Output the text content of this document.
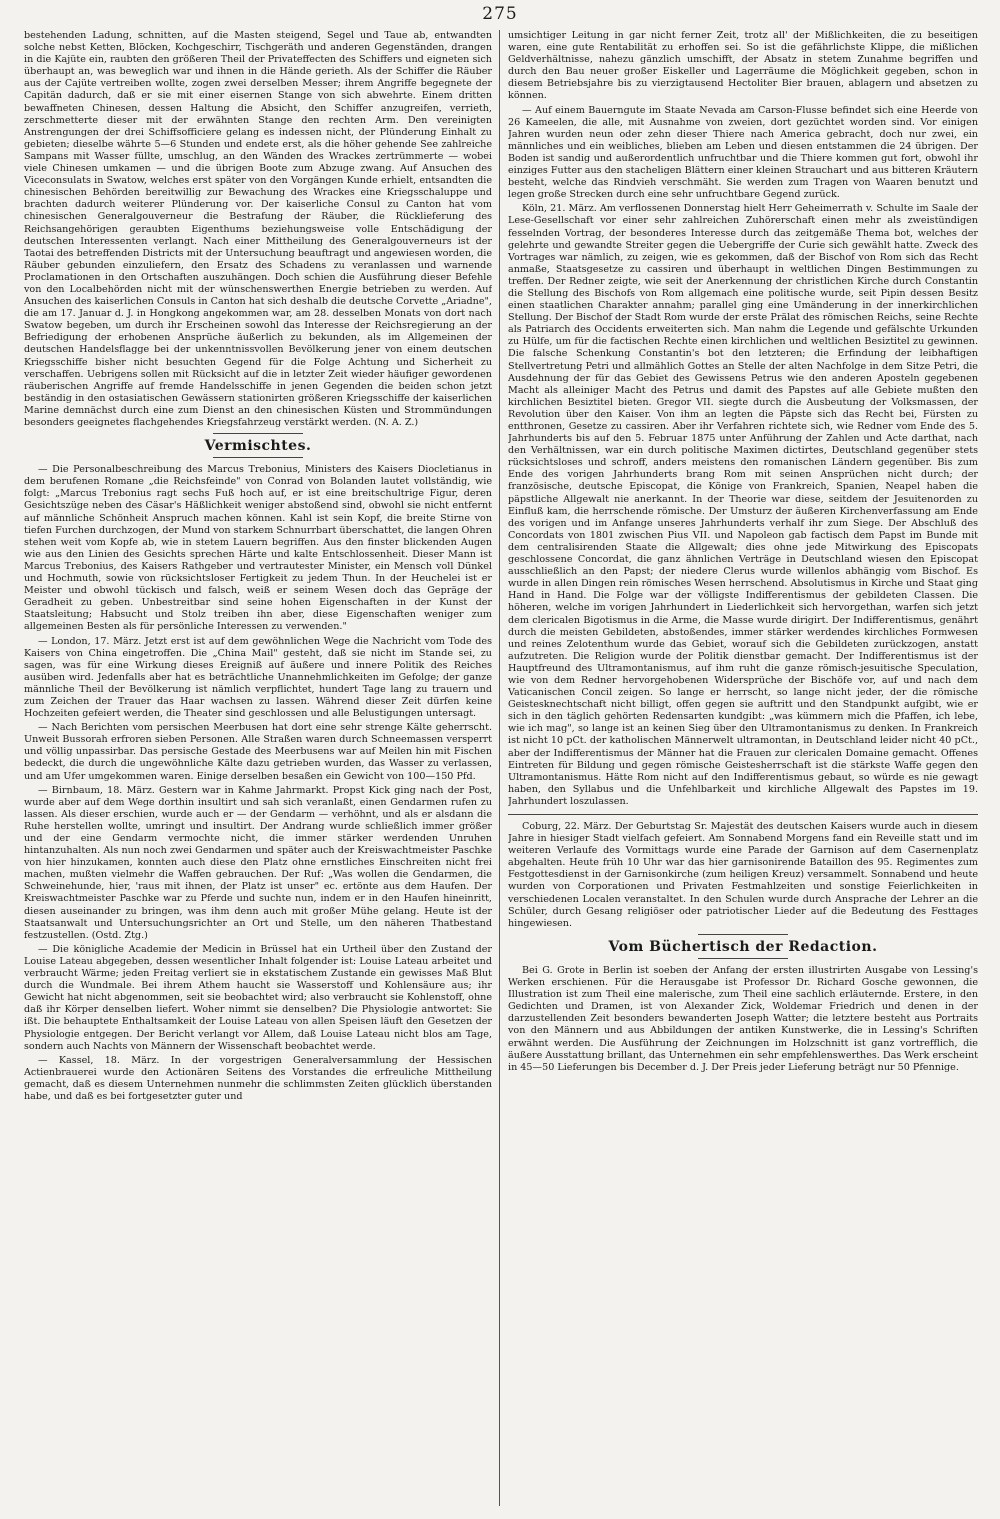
275

bestehenden Ladung, schnitten, auf die Masten steigend, Segel und Taue ab, entwandten solche nebst Ketten, Blöcken, Kochgeschirr, Tischgeräth und anderen Gegenständen, drangen in die Kajüte ein, raubten den größeren Theil der Privateffecten des Schiffers und eigneten sich überhaupt an, was beweglich war und ihnen in die Hände gerieth. Als der Schiffer die Räuber aus der Cajüte vertreiben wollte, zogen zwei derselben Messer; ihrem Angriffe begegnete der Capitän dadurch, daß er sie mit einer eisernen Stange von sich abwehrte. Einem dritten bewaffneten Chinesen, dessen Haltung die Absicht, den Schiffer anzugreifen, verrieth, zerschmetterte dieser mit der erwähnten Stange den rechten Arm. Den vereinigten Anstrengungen der drei Schiffsofficiere gelang es indessen nicht, der Plünderung Einhalt zu gebieten; dieselbe währte 5—6 Stunden und endete erst, als die höher gehende See zahlreiche Sampans mit Wasser füllte, umschlug, an den Wänden des Wrackes zertrümmerte — wobei viele Chinesen umkamen — und die übrigen Boote zum Abzuge zwang. Auf Ansuchen des Viceconsulats in Swatow, welches erst später von den Vorgängen Kunde erhielt, entsandten die chinesischen Behörden bereitwillig zur Bewachung des Wrackes eine Kriegsschaluppe und brachten dadurch weiterer Plünderung vor. Der kaiserliche Consul zu Canton hat vom chinesischen Generalgouverneur die Bestrafung der Räuber, die Rücklieferung des Reichsangehörigen geraubten Eigenthums beziehungsweise volle Entschädigung der deutschen Interessenten verlangt. Nach einer Mittheilung des Generalgouverneurs ist der Taotai des betreffenden Districts mit der Untersuchung beauftragt und angewiesen worden, die Räuber gebunden einzuliefern, den Ersatz des Schadens zu veranlassen und warnende Proclamationen in den Ortschaften auszuhängen. Doch schien die Ausführung dieser Befehle von den Localbehörden nicht mit der wünschenswerthen Energie betrieben zu werden. Auf Ansuchen des kaiserlichen Consuls in Canton hat sich deshalb die deutsche Corvette „Ariadne", die am 17. Januar d. J. in Hongkong angekommen war, am 28. desselben Monats von dort nach Swatow begeben, um durch ihr Erscheinen sowohl das Interesse der Reichsregierung an der Befriedigung der erhobenen Ansprüche äußerlich zu bekunden, als im Allgemeinen der deutschen Handelsflagge bei der unkenntnissvollen Bevölkerung jener von einem deutschen Kriegsschiffe bisher nicht besuchten Gegend für die Folge Achtung und Sicherheit zu verschaffen. Uebrigens sollen mit Rücksicht auf die in letzter Zeit wieder häufiger gewordenen räuberischen Angriffe auf fremde Handelsschiffe in jenen Gegenden die beiden schon jetzt beständig in den ostasiatischen Gewässern stationirten größeren Kriegsschiffe der kaiserlichen Marine demnächst durch eine zum Dienst an den chinesischen Küsten und Strommündungen besonders geeignetes flachgehendes Kriegsfahrzeug verstärkt werden. (N. A. Z.)

Vermischtes.

— Die Personalbeschreibung des Marcus Trebonius, Ministers des Kaisers Diocletianus in dem berufenen Romane „die Reichsfeinde" von Conrad von Bolanden lautet vollständig, wie folgt: „Marcus Trebonius ragt sechs Fuß hoch auf, er ist eine breitschultrige Figur, deren Gesichtszüge neben des Cäsar's Häßlichkeit weniger abstoßend sind, obwohl sie nicht entfernt auf männliche Schönheit Anspruch machen können. Kahl ist sein Kopf, die breite Stirne von tiefen Furchen durchzogen, der Mund von starkem Schnurrbart überschattet, die langen Ohren stehen weit vom Kopfe ab, wie in stetem Lauern begriffen. Aus den finster blickenden Augen wie aus den Linien des Gesichts sprechen Härte und kalte Entschlossenheit. Dieser Mann ist Marcus Trebonius, des Kaisers Rathgeber und vertrautester Minister, ein Mensch voll Dünkel und Hochmuth, sowie von rücksichtsloser Fertigkeit zu jedem Thun. In der Heuchelei ist er Meister und obwohl tückisch und falsch, weiß er seinem Wesen doch das Gepräge der Geradheit zu geben. Unbestreitbar sind seine hohen Eigenschaften in der Kunst der Staatsleitung; Habsucht und Stolz treiben ihn aber, diese Eigenschaften weniger zum allgemeinen Besten als für persönliche Interessen zu verwenden."

— London, 17. März. Jetzt erst ist auf dem gewöhnlichen Wege die Nachricht vom Tode des Kaisers von China eingetroffen. Die „China Mail" gesteht, daß sie nicht im Stande sei, zu sagen, was für eine Wirkung dieses Ereigniß auf äußere und innere Politik des Reiches ausüben wird. Jedenfalls aber hat es beträchtliche Unannehmlichkeiten im Gefolge; der ganze männliche Theil der Bevölkerung ist nämlich verpflichtet, hundert Tage lang zu trauern und zum Zeichen der Trauer das Haar wachsen zu lassen. Während dieser Zeit dürfen keine Hochzeiten gefeiert werden, die Theater sind geschlossen und alle Belustigungen untersagt.

— Nach Berichten vom persischen Meerbusen hat dort eine sehr strenge Kälte geherrscht. Unweit Bussorah erfroren sieben Personen. Alle Straßen waren durch Schneemassen versperrt und völlig unpassirbar. Das persische Gestade des Meerbusens war auf Meilen hin mit Fischen bedeckt, die durch die ungewöhnliche Kälte dazu getrieben wurden, das Wasser zu verlassen, und am Ufer umgekommen waren. Einige derselben besaßen ein Gewicht von 100—150 Pfd.

— Birnbaum, 18. März. Gestern war in Kahme Jahrmarkt. Propst Kick ging nach der Post, wurde aber auf dem Wege dorthin insultirt und sah sich veranlaßt, einen Gendarmen rufen zu lassen. Als dieser erschien, wurde auch er — der Gendarm — verhöhnt, und als er alsdann die Ruhe herstellen wollte, umringt und insultirt. Der Andrang wurde schließlich immer größer und der eine Gendarm vermochte nicht, die immer stärker werdenden Unruhen hintanzuhalten. Als nun noch zwei Gendarmen und später auch der Kreiswachtmeister Paschke von hier hinzukamen, konnten auch diese den Platz ohne ernstliches Einschreiten nicht frei machen, mußten vielmehr die Waffen gebrauchen. Der Ruf: „Was wollen die Gendarmen, die Schweinehunde, hier, 'raus mit ihnen, der Platz ist unser" ec. ertönte aus dem Haufen. Der Kreiswachtmeister Paschke war zu Pferde und suchte nun, indem er in den Haufen hineinritt, diesen auseinander zu bringen, was ihm denn auch mit großer Mühe gelang. Heute ist der Staatsanwalt und Untersuchungsrichter an Ort und Stelle, um den näheren Thatbestand festzustellen. (Ostd. Ztg.)

— Die königliche Academie der Medicin in Brüssel hat ein Urtheil über den Zustand der Louise Lateau abgegeben, dessen wesentlicher Inhalt folgender ist: Louise Lateau arbeitet und verbraucht Wärme; jeden Freitag verliert sie in ekstatischem Zustande ein gewisses Maß Blut durch die Wundmale. Bei ihrem Athem haucht sie Wasserstoff und Kohlensäure aus; ihr Gewicht hat nicht abgenommen, seit sie beobachtet wird; also verbraucht sie Kohlenstoff, ohne daß ihr Körper denselben liefert. Woher nimmt sie denselben? Die Physiologie antwortet: Sie ißt. Die behauptete Enthaltsamkeit der Louise Lateau von allen Speisen läuft den Gesetzen der Physiologie entgegen. Der Bericht verlangt vor Allem, daß Louise Lateau nicht blos am Tage, sondern auch Nachts von Männern der Wissenschaft beobachtet werde.

— Kassel, 18. März. In der vorgestrigen Generalversammlung der Hessischen Actienbrauerei wurde den Actionären Seitens des Vorstandes die erfreuliche Mittheilung gemacht, daß es diesem Unternehmen nunmehr die schlimmsten Zeiten glücklich überstanden habe, und daß es bei fortgesetzter guter und

umsichtiger Leitung in gar nicht ferner Zeit, trotz all' der Mißlichkeiten, die zu beseitigen waren, eine gute Rentabilität zu erhoffen sei. So ist die gefährlichste Klippe, die mißlichen Geldverhältnisse, nahezu gänzlich umschifft, der Absatz in stetem Zunahme begriffen und durch den Bau neuer großer Eiskeller und Lagerräume die Möglichkeit gegeben, schon in diesem Betriebsjahre bis zu vierzigtausend Hectoliter Bier brauen, ablagern und absetzen zu können.

— Auf einem Bauerngute im Staate Nevada am Carson-Flusse befindet sich eine Heerde von 26 Kameelen, die alle, mit Ausnahme von zweien, dort gezüchtet worden sind. Vor einigen Jahren wurden neun oder zehn dieser Thiere nach America gebracht, doch nur zwei, ein männliches und ein weibliches, blieben am Leben und diesen entstammen die 24 übrigen. Der Boden ist sandig und außerordentlich unfruchtbar und die Thiere kommen gut fort, obwohl ihr einziges Futter aus den stacheligen Blättern einer kleinen Strauchart und aus bitteren Kräutern besteht, welche das Rindvieh verschmäht. Sie werden zum Tragen von Waaren benutzt und legen große Strecken durch eine sehr unfruchtbare Gegend zurück.

Köln, 21. März. Am verflossenen Donnerstag hielt Herr Geheimerrath v. Schulte im Saale der Lese-Gesellschaft vor einer sehr zahlreichen Zuhörerschaft einen mehr als zweistündigen fesselnden Vortrag, der besonderes Interesse durch das zeitgemäße Thema bot, welches der gelehrte und gewandte Streiter gegen die Uebergriffe der Curie sich gewählt hatte. Zweck des Vortrages war nämlich, zu zeigen, wie es gekommen, daß der Bischof von Rom sich das Recht anmaße, Staatsgesetze zu cassiren und überhaupt in weltlichen Dingen Bestimmungen zu treffen. Der Redner zeigte, wie seit der Anerkennung der christlichen Kirche durch Constantin die Stellung des Bischofs von Rom allgemach eine politische wurde, seit Pipin dessen Besitz einen staatlichen Charakter annahm; parallel ging eine Umänderung in der innerkirchlichen Stellung. Der Bischof der Stadt Rom wurde der erste Prälat des römischen Reichs, seine Rechte als Patriarch des Occidents erweiterten sich. Man nahm die Legende und gefälschte Urkunden zu Hülfe, um für die factischen Rechte einen kirchlichen und weltlichen Besiztitel zu gewinnen. Die falsche Schenkung Constantin's bot den letzteren; die Erfindung der leibhaftigen Stellvertretung Petri und allmählich Gottes an Stelle der alten Nachfolge in dem Sitze Petri, die Ausdehnung der für das Gebiet des Gewissens Petrus wie den anderen Aposteln gegebenen Macht als alleiniger Macht des Petrus und damit des Papstes auf alle Gebiete mußten den kirchlichen Besiztitel bieten. Gregor VII. siegte durch die Ausbeutung der Volksmassen, der Revolution über den Kaiser. Von ihm an legten die Päpste sich das Recht bei, Fürsten zu entthronen, Gesetze zu cassiren. Aber ihr Verfahren richtete sich, wie Redner vom Ende des 5. Jahrhunderts bis auf den 5. Februar 1875 unter Anführung der Zahlen und Acte darthat, nach den Verhältnissen, war ein durch politische Maximen dictirtes, Deutschland gegenüber stets rücksichtsloses und schroff, anders meistens den romanischen Ländern gegenüber. Bis zum Ende des vorigen Jahrhunderts brang Rom mit seinen Ansprüchen nicht durch; der französische, deutsche Episcopat, die Könige von Frankreich, Spanien, Neapel haben die päpstliche Allgewalt nie anerkannt. In der Theorie war diese, seitdem der Jesuitenorden zu Einfluß kam, die herrschende römische. Der Umsturz der äußeren Kirchenverfassung am Ende des vorigen und im Anfange unseres Jahrhunderts verhalf ihr zum Siege. Der Abschluß des Concordats von 1801 zwischen Pius VII. und Napoleon gab factisch dem Papst im Bunde mit dem centralisirenden Staate die Allgewalt; dies ohne jede Mitwirkung des Episcopats geschlossene Concordat, die ganz ähnlichen Verträge in Deutschland wiesen den Episcopat ausschließlich an den Papst; der niedere Clerus wurde willenlos abhängig vom Bischof. Es wurde in allen Dingen rein römisches Wesen herrschend. Absolutismus in Kirche und Staat ging Hand in Hand. Die Folge war der völligste Indifferentismus der gebildeten Classen. Die höheren, welche im vorigen Jahrhundert in Liederlichkeit sich hervorgethan, warfen sich jetzt dem clericalen Bigotismus in die Arme, die Masse wurde dirigirt. Der Indifferentismus, genährt durch die meisten Gebildeten, abstoßendes, immer stärker werdendes kirchliches Formwesen und reines Zelotenthum wurde das Gebiet, worauf sich die Gebildeten zurückzogen, anstatt aufzutreten. Die Religion wurde der Politik dienstbar gemacht. Der Indifferentismus ist der Hauptfreund des Ultramontanismus, auf ihm ruht die ganze römisch-jesuitische Speculation, wie von dem Redner hervorgehobenen Widersprüche der Bischöfe vor, auf und nach dem Vaticanischen Concil zeigen. So lange er herrscht, so lange nicht jeder, der die römische Geistesknechtschaft nicht billigt, offen gegen sie auftritt und den Standpunkt aufgibt, wie er sich in den täglich gehörten Redensarten kundgibt: „was kümmern mich die Pfaffen, ich lebe, wie ich mag", so lange ist an keinen Sieg über den Ultramontanismus zu denken. In Frankreich ist nicht 10 pCt. der katholischen Männerwelt ultramontan, in Deutschland leider nicht 40 pCt., aber der Indifferentismus der Männer hat die Frauen zur clericalen Domaine gemacht. Offenes Eintreten für Bildung und gegen römische Geistesherrschaft ist die stärkste Waffe gegen den Ultramontanismus. Hätte Rom nicht auf den Indifferentismus gebaut, so würde es nie gewagt haben, den Syllabus und die Unfehlbarkeit und kirchliche Allgewalt des Papstes im 19. Jahrhundert loszulassen.

Coburg, 22. März. Der Geburtstag Sr. Majestät des deutschen Kaisers wurde auch in diesem Jahre in hiesiger Stadt vielfach gefeiert. Am Sonnabend Morgens fand ein Reveille statt und im weiteren Verlaufe des Vormittags wurde eine Parade der Garnison auf dem Casernenplatz abgehalten. Heute früh 10 Uhr war das hier garnisonirende Bataillon des 95. Regimentes zum Festgottesdienst in der Garnisonkirche (zum heiligen Kreuz) versammelt. Sonnabend und heute wurden von Corporationen und Privaten Festmahlzeiten und sonstige Feierlichkeiten in verschiedenen Localen veranstaltet. In den Schulen wurde durch Ansprache der Lehrer an die Schüler, durch Gesang religiöser oder patriotischer Lieder auf die Bedeutung des Festtages hingewiesen.

Vom Büchertisch der Redaction.

Bei G. Grote in Berlin ist soeben der Anfang der ersten illustrirten Ausgabe von Lessing's Werken erschienen. Für die Herausgabe ist Professor Dr. Richard Gosche gewonnen, die Illustration ist zum Theil eine malerische, zum Theil eine sachlich erläuternde. Erstere, in den Gedichten und Dramen, ist von Alexander Zick, Woldemar Friedrich und denen in der darzustellenden Zeit besonders bewanderten Joseph Watter; die letztere besteht aus Portraits von den Männern und aus Abbildungen der antiken Kunstwerke, die in Lessing's Schriften erwähnt werden. Die Ausführung der Zeichnungen im Holzschnitt ist ganz vortrefflich, die äußere Ausstattung brillant, das Unternehmen ein sehr empfehlenswerthes. Das Werk erscheint in 45—50 Lieferungen bis December d. J. Der Preis jeder Lieferung beträgt nur 50 Pfennige.
